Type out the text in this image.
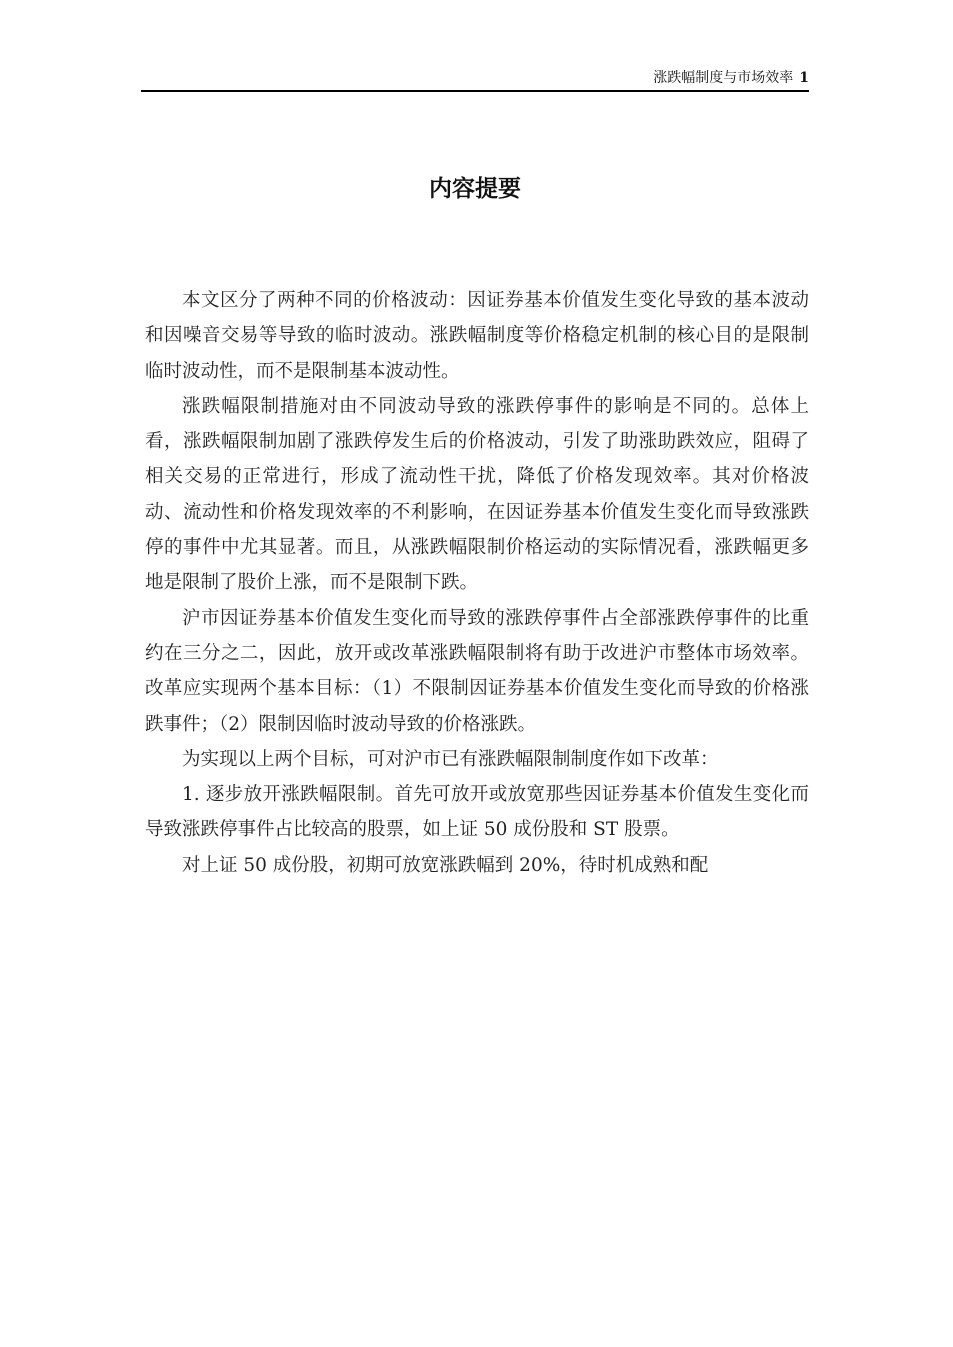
涨跌幅制度与市场效率 1
内容提要

本文区分了两种不同的价格波动：因证券基本价值发生变化导致的基本波动和因噪音交易等导致的临时波动。涨跌幅制度等价格稳定机制的核心目的是限制临时波动性，而不是限制基本波动性。

涨跌幅限制措施对由不同波动导致的涨跌停事件的影响是不同的。总体上看，涨跌幅限制加剧了涨跌停发生后的价格波动，引发了助涨助跌效应，阻碍了相关交易的正常进行，形成了流动性干扰，降低了价格发现效率。其对价格波动、流动性和价格发现效率的不利影响，在因证券基本价值发生变化而导致涨跌停的事件中尤其显著。而且，从涨跌幅限制价格运动的实际情况看，涨跌幅更多地是限制了股价上涨，而不是限制下跌。

沪市因证券基本价值发生变化而导致的涨跌停事件占全部涨跌停事件的比重约在三分之二，因此，放开或改革涨跌幅限制将有助于改进沪市整体市场效率。改革应实现两个基本目标：（1）不限制因证券基本价值发生变化而导致的价格涨跌事件；（2）限制因临时波动导致的价格涨跌。

为实现以上两个目标，可对沪市已有涨跌幅限制制度作如下改革：

1. 逐步放开涨跌幅限制。首先可放开或放宽那些因证券基本价值发生变化而导致涨跌停事件占比较高的股票，如上证 50 成份股和 ST 股票。

对上证 50 成份股，初期可放宽涨跌幅到 20%，待时机成熟和配
